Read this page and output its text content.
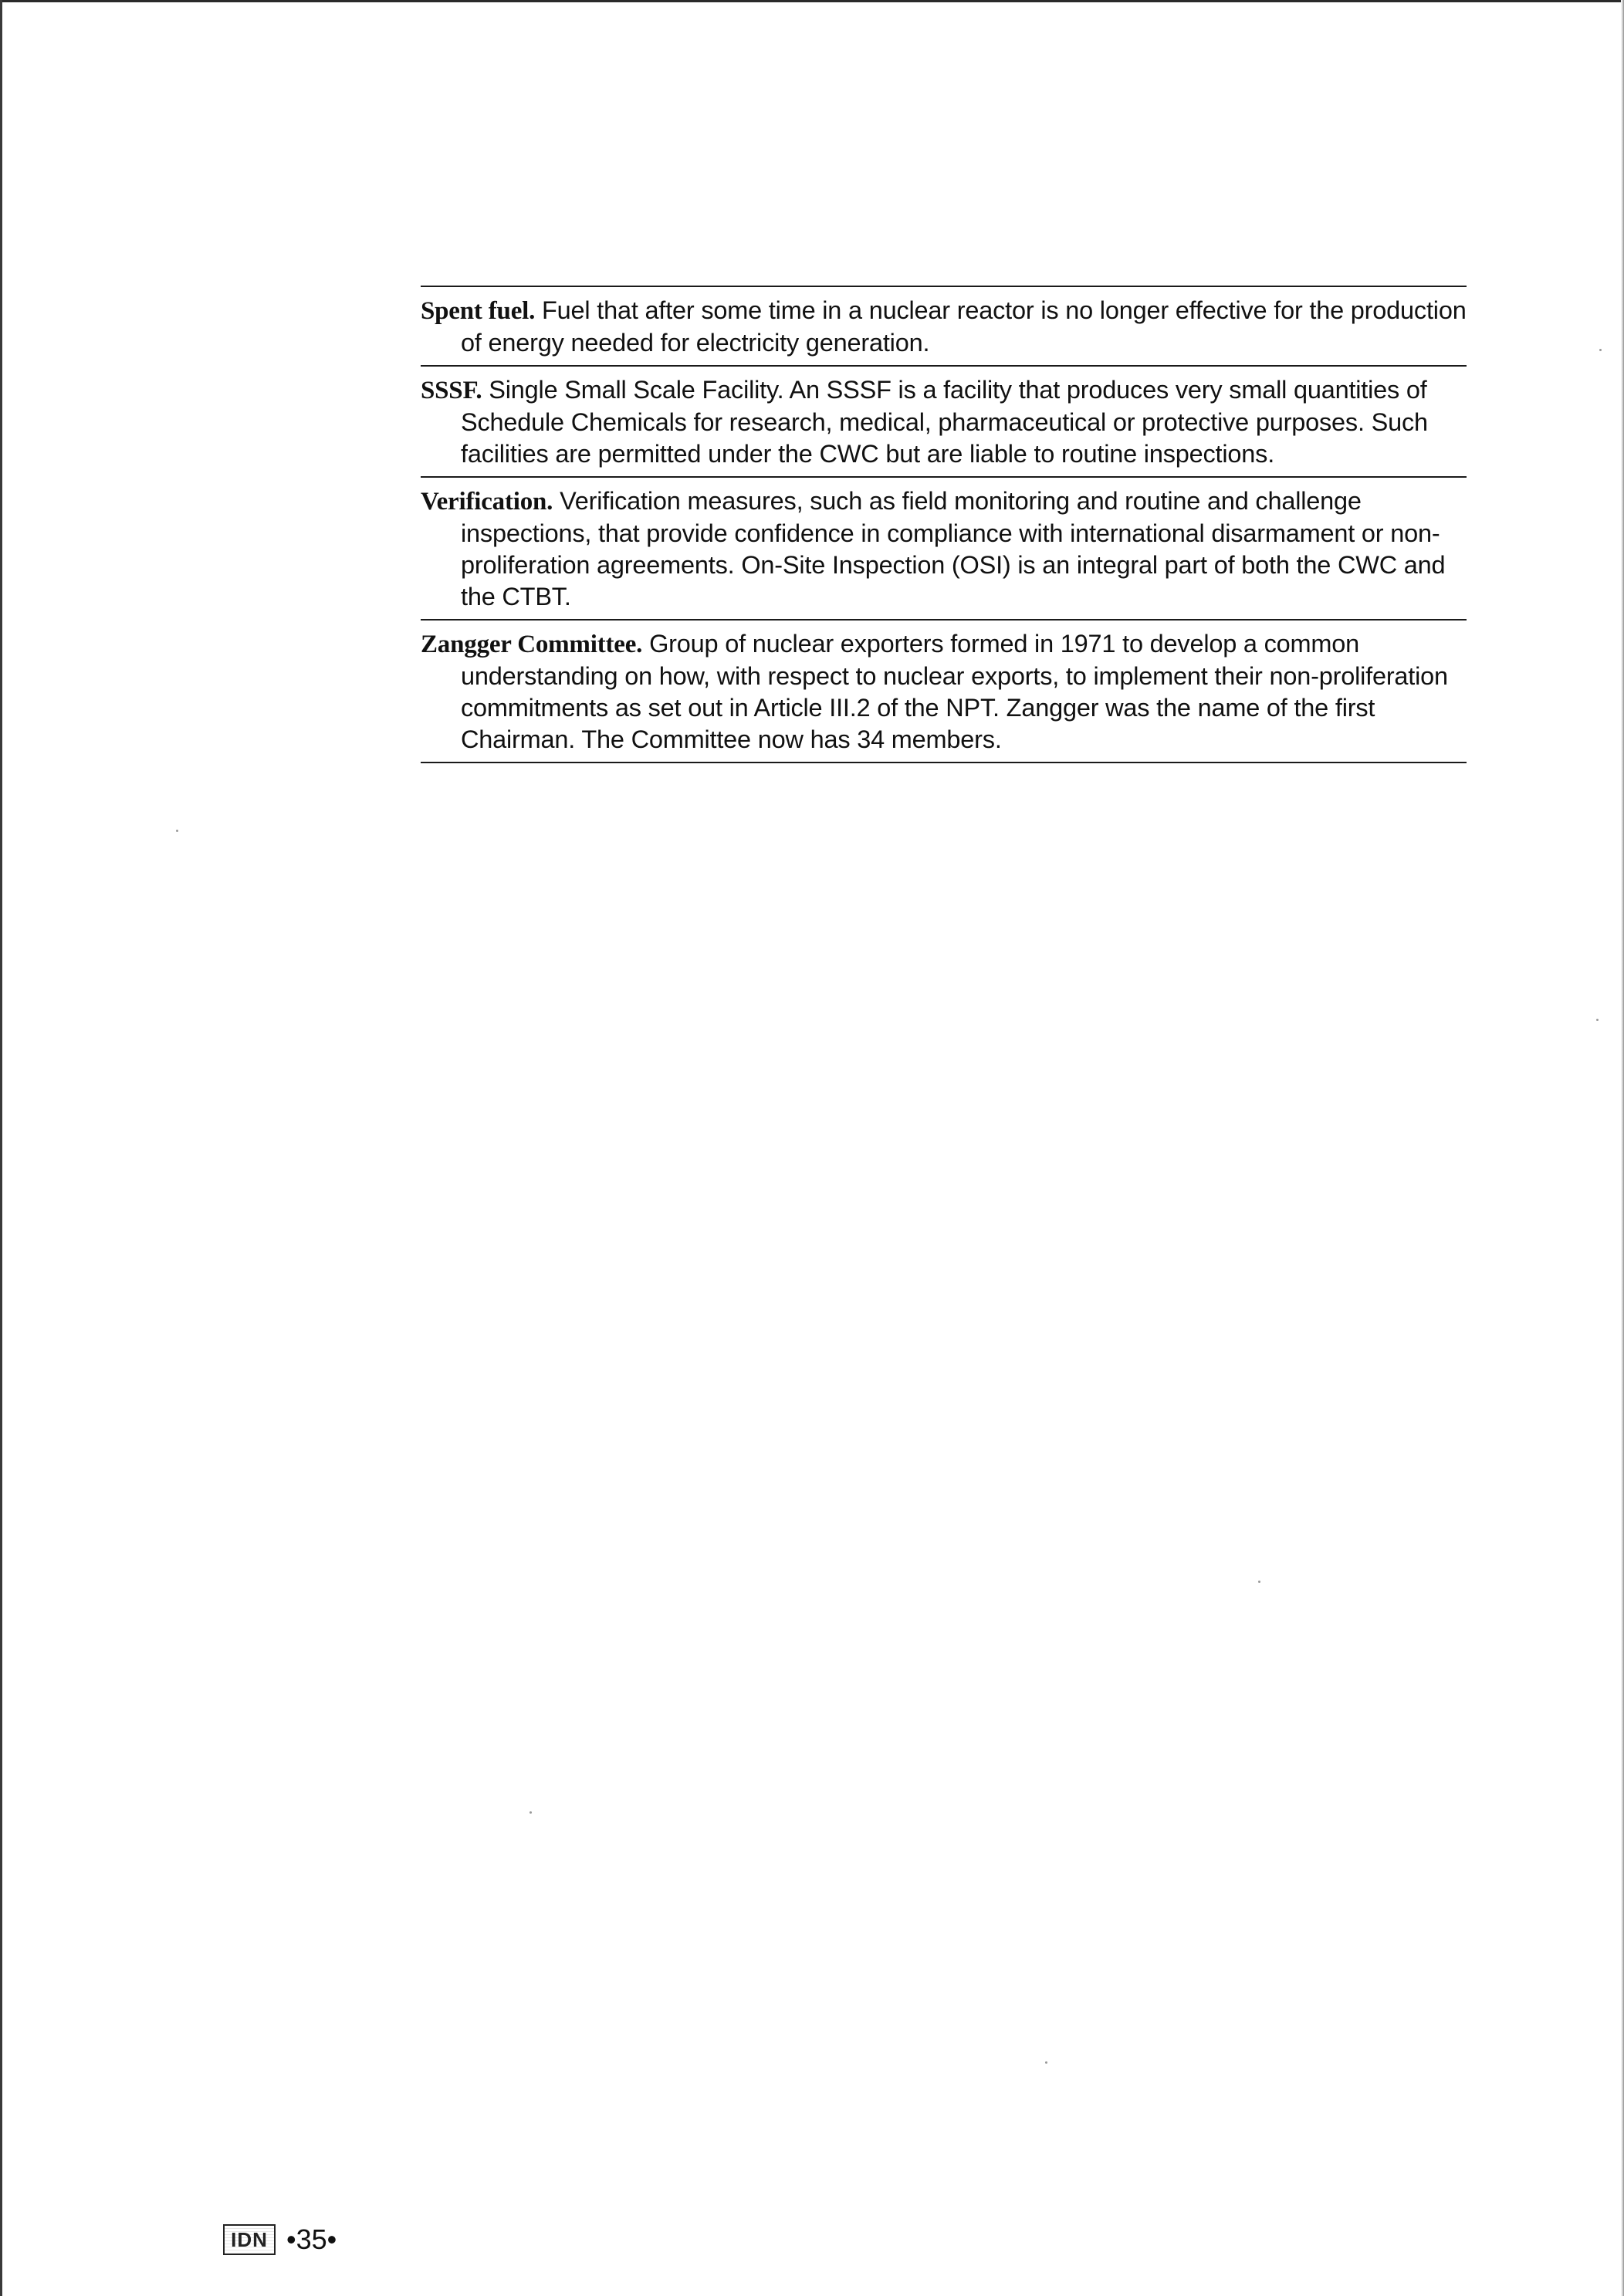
Spent fuel. Fuel that after some time in a nuclear reactor is no longer effective for the production of energy needed for electricity generation.
SSSF. Single Small Scale Facility. An SSSF is a facility that produces very small quantities of Schedule Chemicals for research, medical, pharmaceutical or protective purposes. Such facilities are permitted under the CWC but are liable to routine inspections.
Verification. Verification measures, such as field monitoring and routine and challenge inspections, that provide confidence in compliance with international disarmament or non-proliferation agreements. On-Site Inspection (OSI) is an integral part of both the CWC and the CTBT.
Zangger Committee. Group of nuclear exporters formed in 1971 to develop a common understanding on how, with respect to nuclear exports, to implement their non-proliferation commitments as set out in Article III.2 of the NPT. Zangger was the name of the first Chairman. The Committee now has 34 members.
IDN •35•
